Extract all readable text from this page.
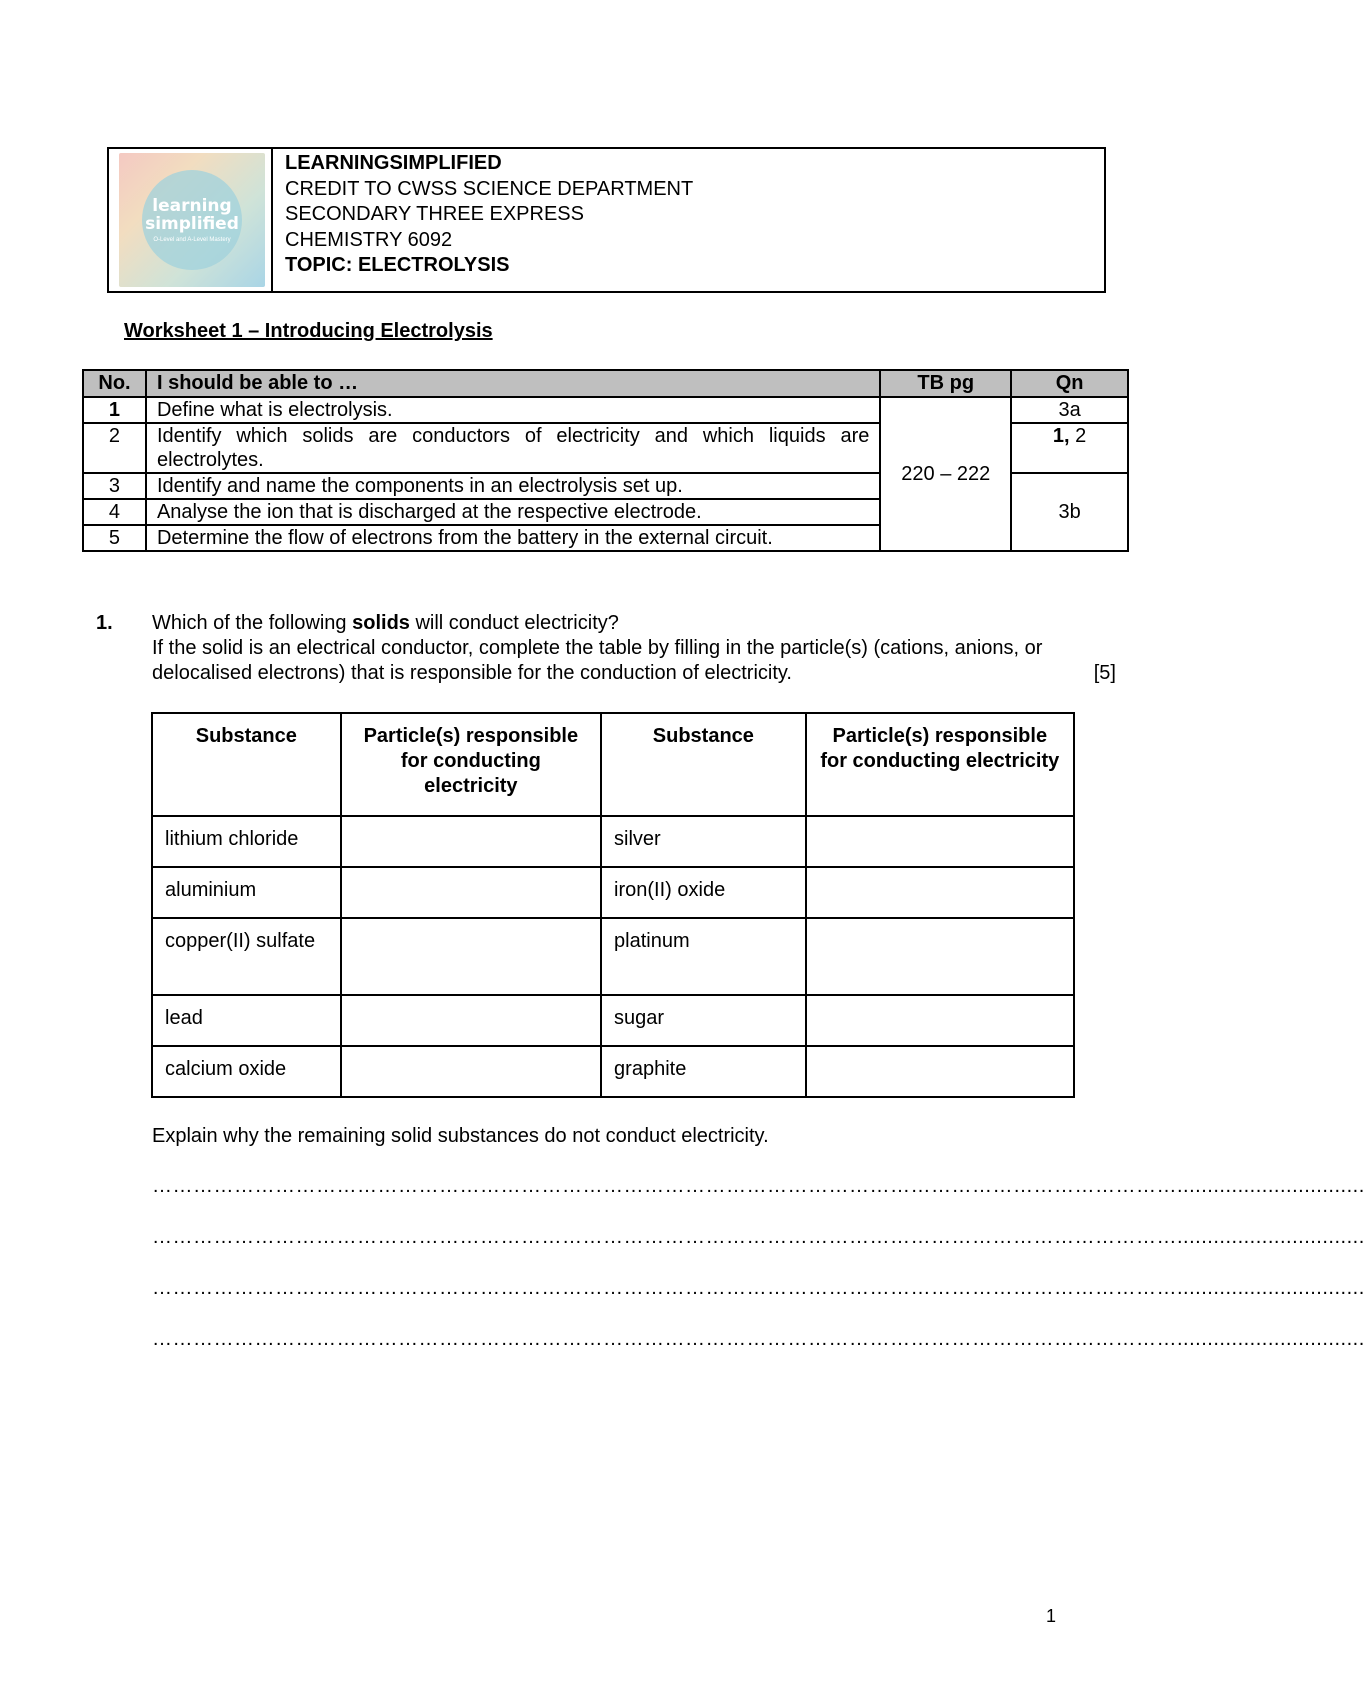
learning
simplified
O-Level and A-Level Mastery
LEARNINGSIMPLIFIED
CREDIT TO CWSS SCIENCE DEPARTMENT
SECONDARY THREE EXPRESS
CHEMISTRY 6092
TOPIC: ELECTROLYSIS
Worksheet 1 – Introducing Electrolysis
No.	I should be able to …	TB pg	Qn
1	Define what is electrolysis.	220 – 222	3a
2	Identify which solids are conductors of electricity and which liquids are electrolytes.		1, 2
3	Identify and name the components in an electrolysis set up.		3b
4	Analyse the ion that is discharged at the respective electrode.		
5	Determine the flow of electrons from the battery in the external circuit.		
1. Which of the following solids will conduct electricity?
If the solid is an electrical conductor, complete the table by filling in the particle(s) (cations, anions, or delocalised electrons) that is responsible for the conduction of electricity.	[5]
Substance	Particle(s) responsible for conducting electricity	Substance	Particle(s) responsible for conducting electricity
lithium chloride		silver	
aluminium		iron(II) oxide	
copper(II) sulfate		platinum	
lead		sugar	
calcium oxide		graphite	
Explain why the remaining solid substances do not conduct electricity.
……………………………………………………………………………………………………………………………………...............................
……………………………………………………………………………………………………………………………………...............................
……………………………………………………………………………………………………………………………………...............................
……………………………………………………………………………………………………………………………………...............................
1
